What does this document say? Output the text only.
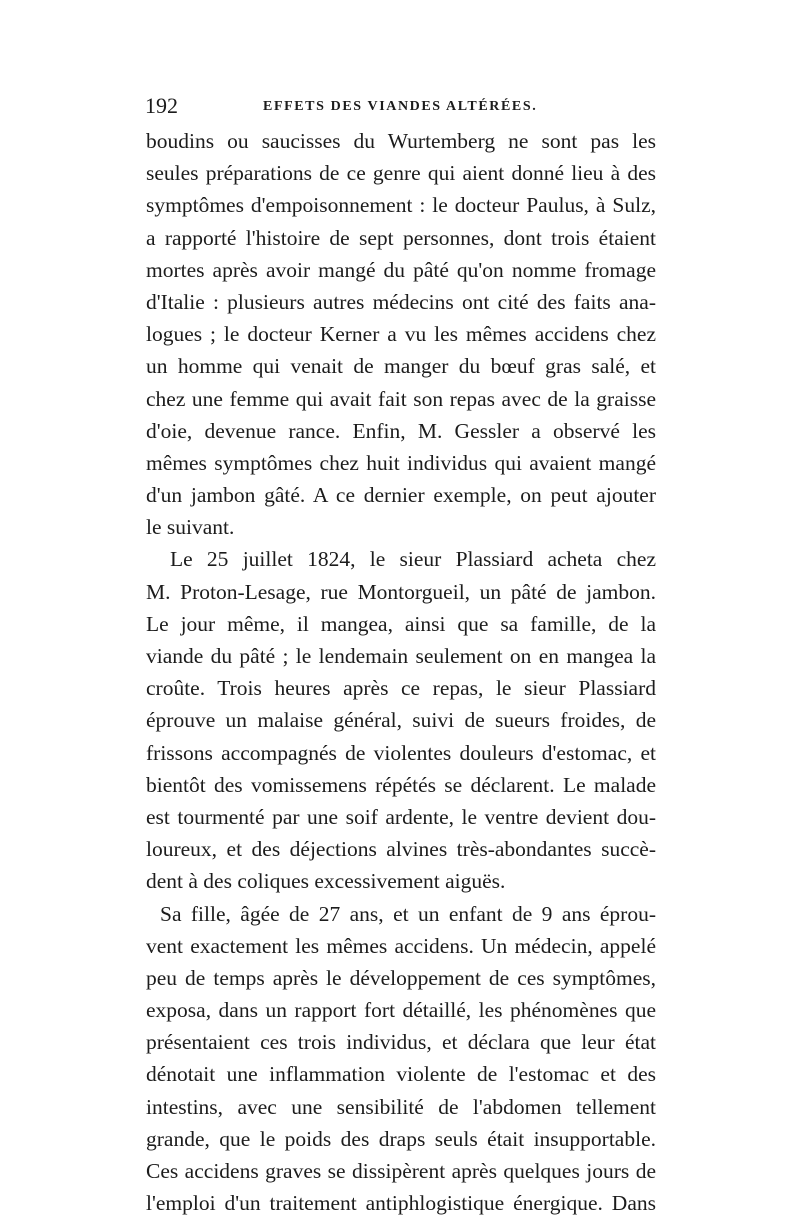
192	EFFETS DES VIANDES ALTÉRÉES.
boudins ou saucisses du Wurtemberg ne sont pas les
seules préparations de ce genre qui aient donné lieu à des
symptômes d'empoisonnement : le docteur Paulus, à Sulz,
a rapporté l'histoire de sept personnes, dont trois étaient
mortes après avoir mangé du pâté qu'on nomme fromage
d'Italie : plusieurs autres médecins ont cité des faits ana-
logues ; le docteur Kerner a vu les mêmes accidens chez
un homme qui venait de manger du bœuf gras salé, et
chez une femme qui avait fait son repas avec de la graisse
d'oie, devenue rance. Enfin, M. Gessler a observé les
mêmes symptômes chez huit individus qui avaient mangé
d'un jambon gâté. A ce dernier exemple, on peut ajouter
le suivant.
Le 25 juillet 1824, le sieur Plassiard acheta chez
M. Proton-Lesage, rue Montorgueil, un pâté de jambon.
Le jour même, il mangea, ainsi que sa famille, de la
viande du pâté ; le lendemain seulement on en mangea la
croûte. Trois heures après ce repas, le sieur Plassiard
éprouve un malaise général, suivi de sueurs froides, de
frissons accompagnés de violentes douleurs d'estomac, et
bientôt des vomissemens répétés se déclarent. Le malade
est tourmenté par une soif ardente, le ventre devient dou-
loureux, et des déjections alvines très-abondantes succè-
dent à des coliques excessivement aiguës.
Sa fille, âgée de 27 ans, et un enfant de 9 ans éprou-
vent exactement les mêmes accidens. Un médecin, appelé
peu de temps après le développement de ces symptômes,
exposa, dans un rapport fort détaillé, les phénomènes que
présentaient ces trois individus, et déclara que leur état
dénotait une inflammation violente de l'estomac et des
intestins, avec une sensibilité de l'abdomen tellement
grande, que le poids des draps seuls était insupportable.
Ces accidens graves se dissipèrent après quelques jours de
l'emploi d'un traitement antiphlogistique énergique. Dans
